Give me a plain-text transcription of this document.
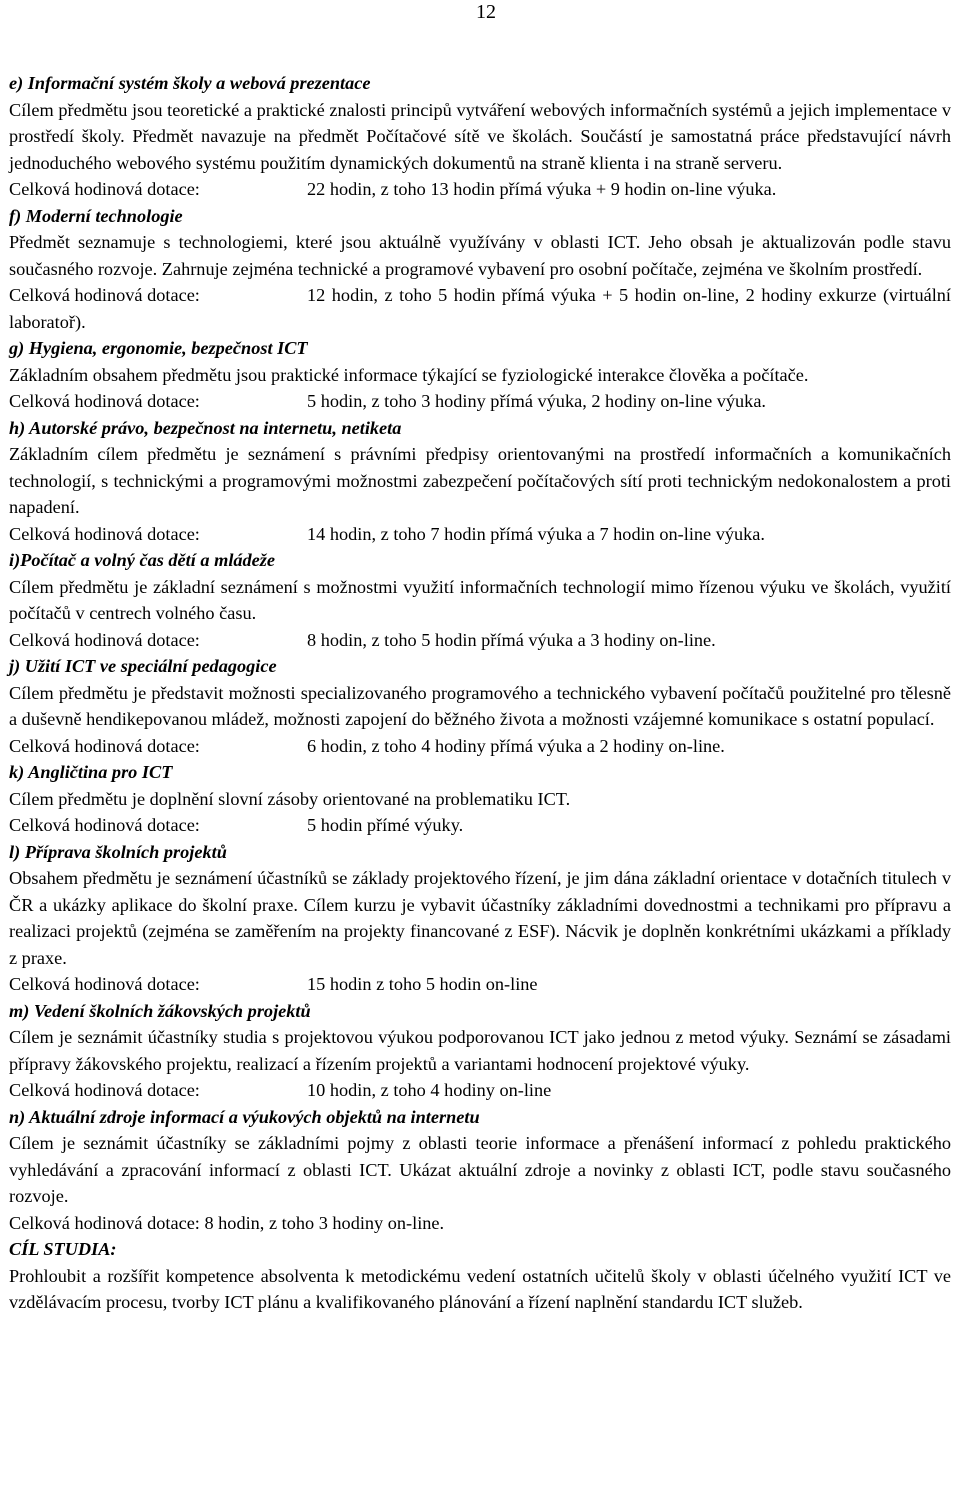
12
e) Informační systém školy a webová prezentace

Cílem předmětu jsou teoretické a praktické znalosti principů vytváření webových informačních systémů a jejich implementace v prostředí školy. Předmět navazuje na předmět Počítačové sítě ve školách. Součástí je samostatná práce představující návrh jednoduchého webového systému použitím dynamických dokumentů na straně klienta i na straně serveru.

Celková hodinová dotace:	22 hodin, z toho 13 hodin přímá výuka + 9 hodin on-line výuka.
f) Moderní technologie

Předmět seznamuje s technologiemi, které jsou aktuálně využívány v oblasti ICT. Jeho obsah je aktualizován podle stavu současného rozvoje. Zahrnuje zejména technické a programové vybavení pro osobní počítače, zejména ve školním prostředí.

Celková hodinová dotace:	12 hodin, z toho 5 hodin přímá výuka + 5 hodin on-line, 2 hodiny exkurze (virtuální laboratoř).

g) Hygiena, ergonomie, bezpečnost ICT

Základním obsahem předmětu jsou praktické informace týkající se fyziologické interakce člověka a počítače.

Celková hodinová dotace:	5 hodin, z toho 3 hodiny přímá výuka, 2 hodiny on-line výuka.
h) Autorské právo, bezpečnost na internetu, netiketa

Základním cílem předmětu je seznámení s právními předpisy orientovanými na prostředí informačních a komunikačních technologií, s technickými a programovými možnostmi zabezpečení počítačových sítí proti technickým nedokonalostem a proti napadení.

Celková hodinová dotace:	14 hodin, z toho 7 hodin přímá výuka a 7 hodin on-line výuka.
i)Počítač a volný čas dětí a mládeže

Cílem předmětu je základní seznámení s možnostmi využití informačních technologií mimo řízenou výuku ve školách, využití počítačů v centrech volného času.

Celková hodinová dotace:	8 hodin, z toho 5 hodin přímá výuka a 3 hodiny on-line.
j) Užití ICT ve speciální pedagogice

Cílem předmětu je představit možnosti specializovaného programového a technického vybavení počítačů použitelné pro tělesně a duševně hendikepovanou mládež, možnosti zapojení do běžného života a možnosti vzájemné komunikace s ostatní populací.

Celková hodinová dotace:	6 hodin, z toho 4 hodiny přímá výuka a 2 hodiny on-line.
k) Angličtina pro ICT

Cílem předmětu je doplnění slovní zásoby orientované na problematiku ICT.

Celková hodinová dotace:	5 hodin přímé výuky.
l) Příprava školních projektů

Obsahem předmětu je seznámení účastníků se základy projektového řízení, je jim dána základní orientace v dotačních titulech v ČR a ukázky aplikace do školní praxe. Cílem kurzu je vybavit účastníky základními dovednostmi a technikami pro přípravu a realizaci projektů (zejména se zaměřením na projekty financované z ESF). Nácvik je doplněn konkrétními ukázkami a příklady z praxe.

Celková hodinová dotace:	15 hodin z toho 5 hodin on-line
m) Vedení školních žákovských projektů

Cílem je seznámit účastníky studia s projektovou výukou podporovanou ICT jako jednou z metod výuky. Seznámí se zásadami přípravy žákovského projektu, realizací a řízením projektů a variantami hodnocení projektové výuky.

Celková hodinová dotace:	10 hodin, z toho 4 hodiny on-line
n) Aktuální zdroje informací a výukových objektů na internetu

Cílem je seznámit účastníky se základními pojmy z oblasti teorie informace a přenášení informací z pohledu praktického vyhledávání a zpracování informací z oblasti ICT. Ukázat aktuální zdroje a novinky z oblasti ICT, podle stavu současného rozvoje.

Celková hodinová dotace: 8 hodin, z toho 3 hodiny on-line.
CÍL STUDIA:

Prohloubit a rozšířit kompetence absolventa k metodickému vedení ostatních učitelů školy v oblasti účelného využití ICT ve vzdělávacím procesu, tvorby ICT plánu a kvalifikovaného plánování a řízení naplnění standardu ICT služeb.
